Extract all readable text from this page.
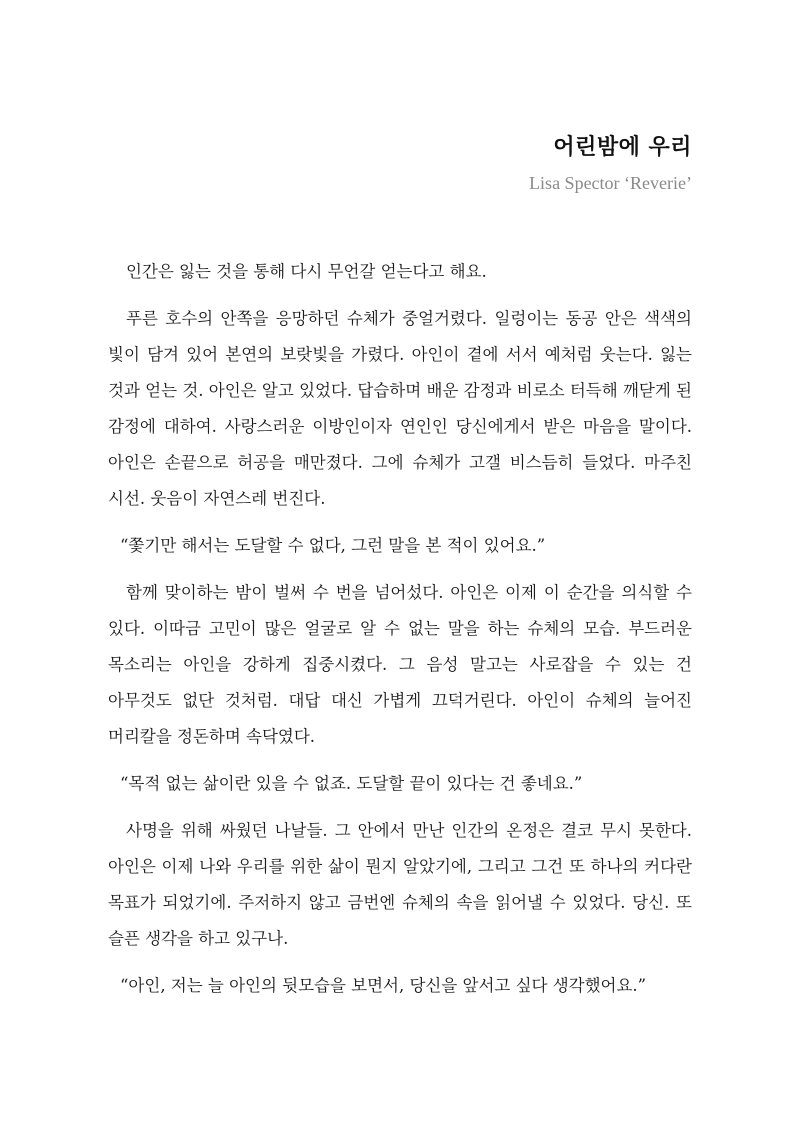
어린밤에 우리
Lisa Spector ‘Reverie’

인간은 잃는 것을 통해 다시 무언갈 얻는다고 해요.

푸른 호수의 안쪽을 응망하던 슈체가 중얼거렸다. 일렁이는 동공 안은 색색의 빛이 담겨 있어 본연의 보랏빛을 가렸다. 아인이 곁에 서서 예처럼 웃는다. 잃는 것과 얻는 것. 아인은 알고 있었다. 답습하며 배운 감정과 비로소 터득해 깨닫게 된 감정에 대하여. 사랑스러운 이방인이자 연인인 당신에게서 받은 마음을 말이다. 아인은 손끝으로 허공을 매만졌다. 그에 슈체가 고갤 비스듬히 들었다. 마주친 시선. 웃음이 자연스레 번진다.

“쫓기만 해서는 도달할 수 없다, 그런 말을 본 적이 있어요.”

함께 맞이하는 밤이 벌써 수 번을 넘어섰다. 아인은 이제 이 순간을 의식할 수 있다. 이따금 고민이 많은 얼굴로 알 수 없는 말을 하는 슈체의 모습. 부드러운 목소리는 아인을 강하게 집중시켰다. 그 음성 말고는 사로잡을 수 있는 건 아무것도 없단 것처럼. 대답 대신 가볍게 끄덕거린다. 아인이 슈체의 늘어진 머리칼을 정돈하며 속닥였다.

“목적 없는 삶이란 있을 수 없죠. 도달할 끝이 있다는 건 좋네요.”

사명을 위해 싸웠던 나날들. 그 안에서 만난 인간의 온정은 결코 무시 못한다. 아인은 이제 나와 우리를 위한 삶이 뭔지 알았기에, 그리고 그건 또 하나의 커다란 목표가 되었기에. 주저하지 않고 금번엔 슈체의 속을 읽어낼 수 있었다. 당신. 또 슬픈 생각을 하고 있구나.

“아인, 저는 늘 아인의 뒷모습을 보면서, 당신을 앞서고 싶다 생각했어요.”
